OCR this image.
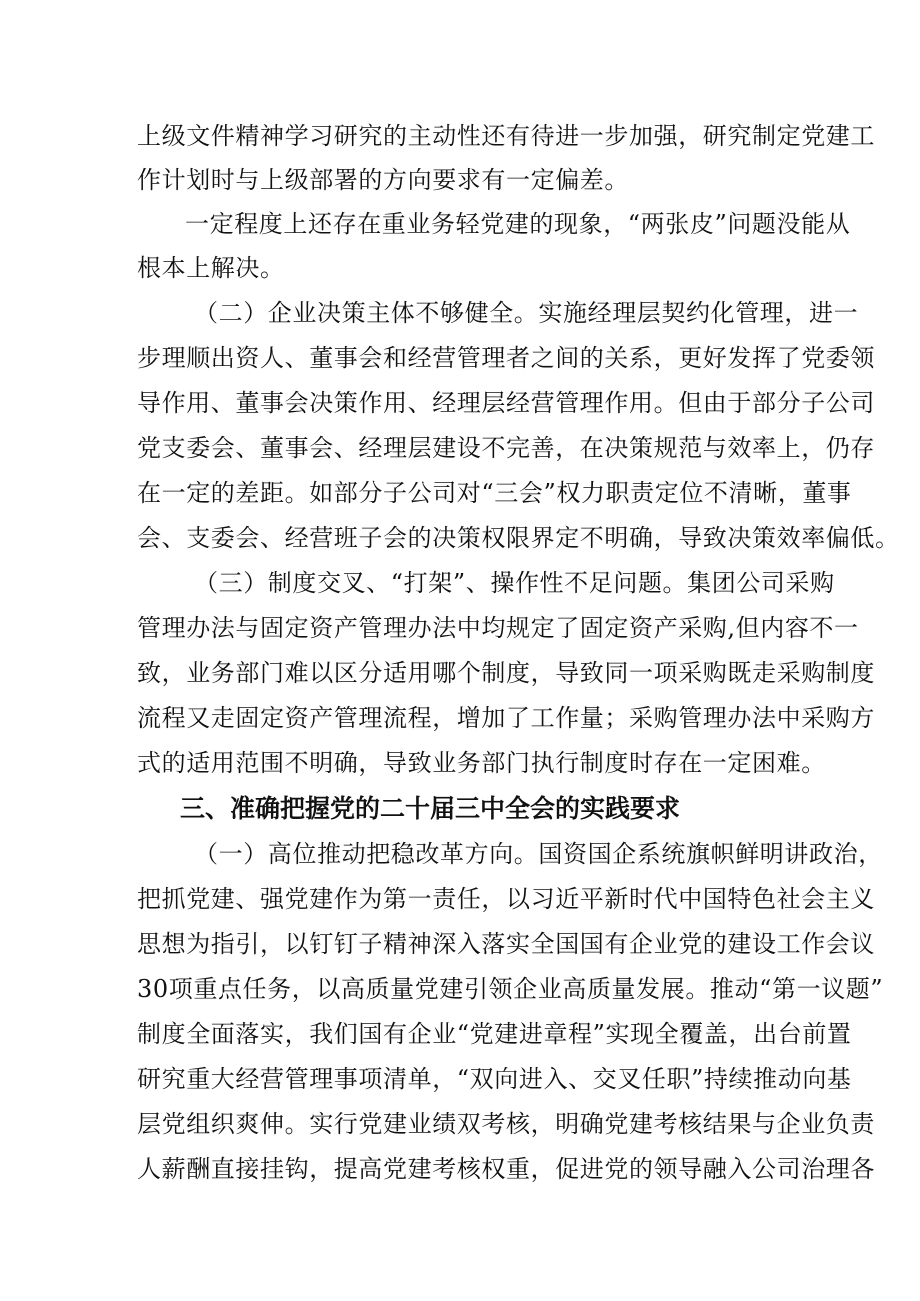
上级文件精神学习研究的主动性还有待进一步加强，研究制定党建工
作计划时与上级部署的方向要求有一定偏差。
一定程度上还存在重业务轻党建的现象，“两张皮”问题没能从
根本上解决。
（二）企业决策主体不够健全。实施经理层契约化管理，进一
步理顺出资人、董事会和经营管理者之间的关系，更好发挥了党委领
导作用、董事会决策作用、经理层经营管理作用。但由于部分子公司
党支委会、董事会、经理层建设不完善，在决策规范与效率上，仍存
在一定的差距。如部分子公司对“三会”权力职责定位不清晰，董事
会、支委会、经营班子会的决策权限界定不明确，导致决策效率偏低。
（三）制度交叉、“打架”、操作性不足问题。集团公司采购
管理办法与固定资产管理办法中均规定了固定资产采购,但内容不一
致，业务部门难以区分适用哪个制度，导致同一项采购既走采购制度
流程又走固定资产管理流程，增加了工作量；采购管理办法中采购方
式的适用范围不明确，导致业务部门执行制度时存在一定困难。
三、准确把握党的二十届三中全会的实践要求
（一）高位推动把稳改革方向。国资国企系统旗帜鲜明讲政治，
把抓党建、强党建作为第一责任，以习近平新时代中国特色社会主义
思想为指引，以钉钉子精神深入落实全国国有企业党的建设工作会议
30项重点任务，以高质量党建引领企业高质量发展。推动“第一议题”
制度全面落实，我们国有企业“党建进章程”实现全覆盖，出台前置
研究重大经营管理事项清单，“双向进入、交叉任职”持续推动向基
层党组织爽伸。实行党建业绩双考核，明确党建考核结果与企业负责
人薪酬直接挂钩，提高党建考核权重，促进党的领导融入公司治理各
